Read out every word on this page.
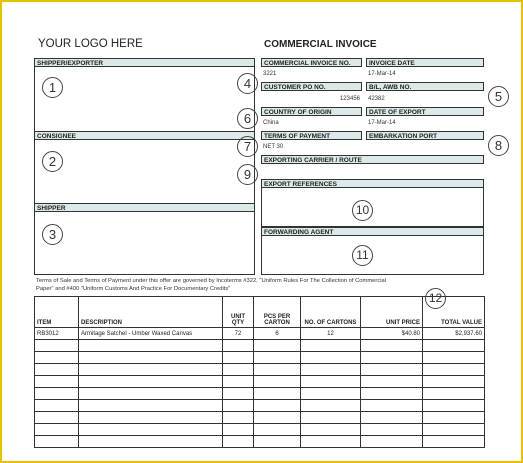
YOUR LOGO HERE	COMMERCIAL INVOICE
SHIPPER/EXPORTER
CONSIGNEE
SHIPPER
COMMERCIAL INVOICE NO.
3221
INVOICE DATE
17-Mar-14
CUSTOMER PO NO.
123456
B/L, AWB NO.
42382
COUNTRY OF ORIGIN
China
DATE OF EXPORT
17-Mar-14
TERMS OF PAYMENT
NET 30
EMBARKATION PORT
EXPORTING CARRIER / ROUTE
EXPORT REFERENCES
FORWARDING AGENT
Terms of Sale and Terms of Payment under this offer are governed by Incoterms #322, "Uniform Rules For The Collection of Commercial
Paper" and #400 "Uniform Customs And Practice For Documentary Credits"
1
2
3
4
5
6
7	8
9
10
11
12
ITEM	DESCRIPTION	UNIT QTY	PCS PER CARTON	NO. OF CARTONS	UNIT PRICE	TOTAL VALUE
RB3012	Armitage Satchel - Umber Waxed Canvas	72	6	12	$40.80	$2,937.60
